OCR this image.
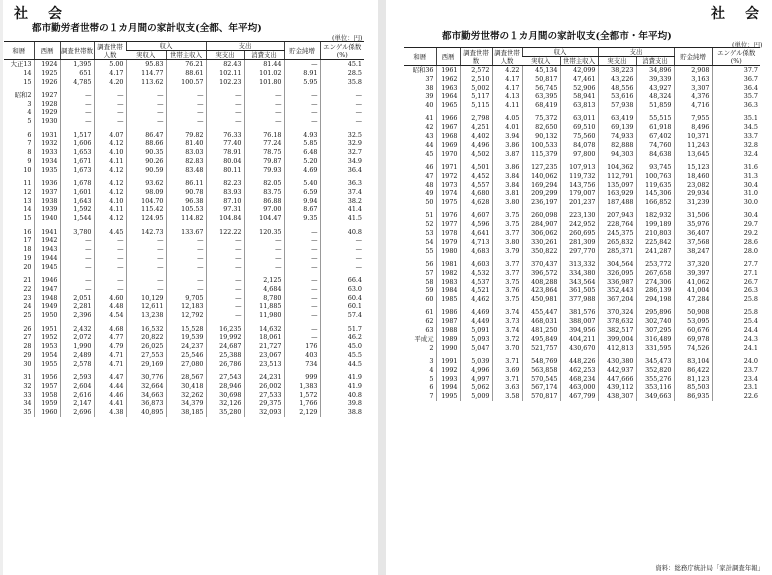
社　会
都市勤労者世帯の１カ月間の家計収支(全都、年平均)
(単位：円)
和暦	西暦	調査世帯数	調査世帯人数	収入		支出		貯金純増	エンゲル係数(%)
				実収入	世帯主収入	実支出	消費支出		
大正13	1924	1,395	5.00	95.83	76.21	82.43	81.44	—	45.1
14	1925	651	4.17	114.77	88.61	102.11	101.02	8.91	28.5
15	1926	4,785	4.20	113.62	100.57	102.23	101.80	5.95	35.8

昭和2	1927	—	—	—	—	—	—	—	—
3	1928	—	—	—	—	—	—	—	—
4	1929	—	—	—	—	—	—	—	—
5	1930	—	—	—	—	—	—	—	—

6	1931	1,517	4.07	86.47	79.82	76.33	76.18	4.93	32.5
7	1932	1,606	4.12	88.66	81.40	77.40	77.24	5.85	32.9
8	1933	1,653	4.10	90.35	83.03	78.91	78.75	6.48	32.7
9	1934	1,671	4.11	90.26	82.83	80.04	79.87	5.20	34.9
10	1935	1,673	4.12	90.59	83.48	80.11	79.93	4.69	36.4

11	1936	1,678	4.12	93.62	86.11	82.23	82.05	5.40	36.3
12	1937	1,601	4.12	98.09	90.78	83.93	83.75	6.59	37.4
13	1938	1,643	4.10	104.70	96.38	87.10	86.88	9.94	38.2
14	1939	1,592	4.11	115.42	105.53	97.31	97.00	8.67	41.4
15	1940	1,544	4.12	124.95	114.82	104.84	104.47	9.35	41.5

16	1941	3,780	4.45	142.73	133.67	122.22	120.35	—	40.8
17	1942	—	—	—	—	—	—	—	—
18	1943	—	—	—	—	—	—	—	—
19	1944	—	—	—	—	—	—	—	—
20	1945	—	—	—	—	—	—	—	—

21	1946	—	—	—	—	—	2,125	—	66.4
22	1947	—	—	—	—	—	4,684	—	63.0
23	1948	2,051	4.60	10,129	9,705	—	8,780	—	60.4
24	1949	2,281	4.48	12,611	12,183	—	11,885	—	60.1
25	1950	2,396	4.54	13,238	12,792	—	11,980	—	57.4

26	1951	2,432	4.68	16,532	15,528	16,235	14,632	—	51.7
27	1952	2,072	4.77	20,822	19,539	19,992	18,061	—	46.2
28	1953	1,990	4.79	26,025	24,237	24,687	21,727	176	45.0
29	1954	2,489	4.71	27,553	25,546	25,388	23,067	403	45.5
30	1955	2,578	4.71	29,169	27,080	26,786	23,513	734	44.5

31	1956	2,593	4.47	30,776	28,567	27,543	24,231	999	41.9
32	1957	2,604	4.44	32,664	30,418	28,946	26,002	1,383	41.9
33	1958	2,616	4.46	34,663	32,262	30,698	27,533	1,572	40.8
34	1959	2,147	4.41	36,873	34,379	32,126	29,375	1,766	39.8
35	1960	2,696	4.38	40,895	38,185	35,280	32,093	2,129	38.8
社　会
都市勤労世帯の１カ月間の家計収支(全都市・年平均)
(単位：円)
和暦	西暦	調査世帯数	調査世帯人数	収入		支出		貯金純増	エンゲル係数(%)
				実収入	世帯主収入	実支出	消費支出		
昭和36	1961	2,572	4.22	45,134	42,099	38,223	34,896	2,908	37.7
37	1962	2,510	4.17	50,817	47,461	43,226	39,339	3,163	36.7
38	1963	5,002	4.17	56,745	52,906	48,556	43,927	3,307	36.4
39	1964	5,117	4.13	63,395	58,941	53,616	48,324	4,376	35.7
40	1965	5,115	4.11	68,419	63,813	57,938	51,859	4,716	36.3

41	1966	2,798	4.05	75,372	63,011	63,419	55,515	7,955	35.1
42	1967	4,251	4.01	82,650	69,510	69,139	61,918	8,496	34.5
43	1968	4,402	3.94	90,132	75,560	74,933	67,402	10,371	33.7
44	1969	4,496	3.86	100,533	84,078	82,888	74,760	11,243	32.8
45	1970	4,502	3.87	115,379	97,800	94,303	84,638	13,645	32.4

46	1971	4,501	3.86	127,235	107,913	104,362	93,745	15,123	31.6
47	1972	4,452	3.84	140,062	119,732	112,791	100,763	18,460	31.3
48	1973	4,557	3.84	169,294	143,756	135,097	119,635	23,082	30.4
49	1974	4,680	3.81	209,299	179,007	163,929	145,306	29,934	31.0
50	1975	4,628	3.80	236,197	201,237	187,488	166,852	31,239	30.0

51	1976	4,607	3.75	260,098	223,130	207,943	182,932	31,506	30.4
52	1977	4,596	3.75	284,907	242,952	228,764	199,189	35,976	29.7
53	1978	4,641	3.77	306,062	260,695	245,375	210,803	36,407	29.2
54	1979	4,713	3.80	330,261	281,309	265,832	225,842	37,568	28.6
55	1980	4,683	3.79	350,822	297,770	285,371	241,287	38,247	28.0

56	1981	4,603	3.77	370,437	313,332	304,564	253,772	37,320	27.7
57	1982	4,532	3.77	396,572	334,380	326,095	267,658	39,397	27.1
58	1983	4,537	3.75	408,288	343,564	336,987	274,306	41,062	26.7
59	1984	4,521	3.76	423,864	361,505	352,443	286,139	41,004	26.3
60	1985	4,462	3.75	450,981	377,988	367,204	294,198	47,284	25.8

61	1986	4,469	3.74	455,447	381,576	370,324	295,896	50,908	25.8
62	1987	4,449	3.73	468,031	388,007	378,632	302,740	53,095	25.4
63	1988	5,091	3.74	481,250	394,956	382,517	307,295	60,676	24.4
平成元	1989	5,093	3.72	495,849	404,211	399,004	316,489	69,978	24.3
2	1990	5,047	3.70	521,757	430,670	412,813	331,595	74,526	24.1

3	1991	5,039	3.71	548,769	448,226	430,380	345,473	83,104	24.0
4	1992	4,996	3.69	563,858	462,253	442,937	352,820	86,422	23.7
5	1993	4,997	3.71	570,545	468,234	447,666	355,276	81,123	23.4
6	1994	5,062	3.63	567,174	463,000	439,112	353,116	85,503	23.1
7	1995	5,009	3.58	570,817	467,799	438,307	349,663	86,935	22.6
資料：総務庁統計局「家計調査年報」
